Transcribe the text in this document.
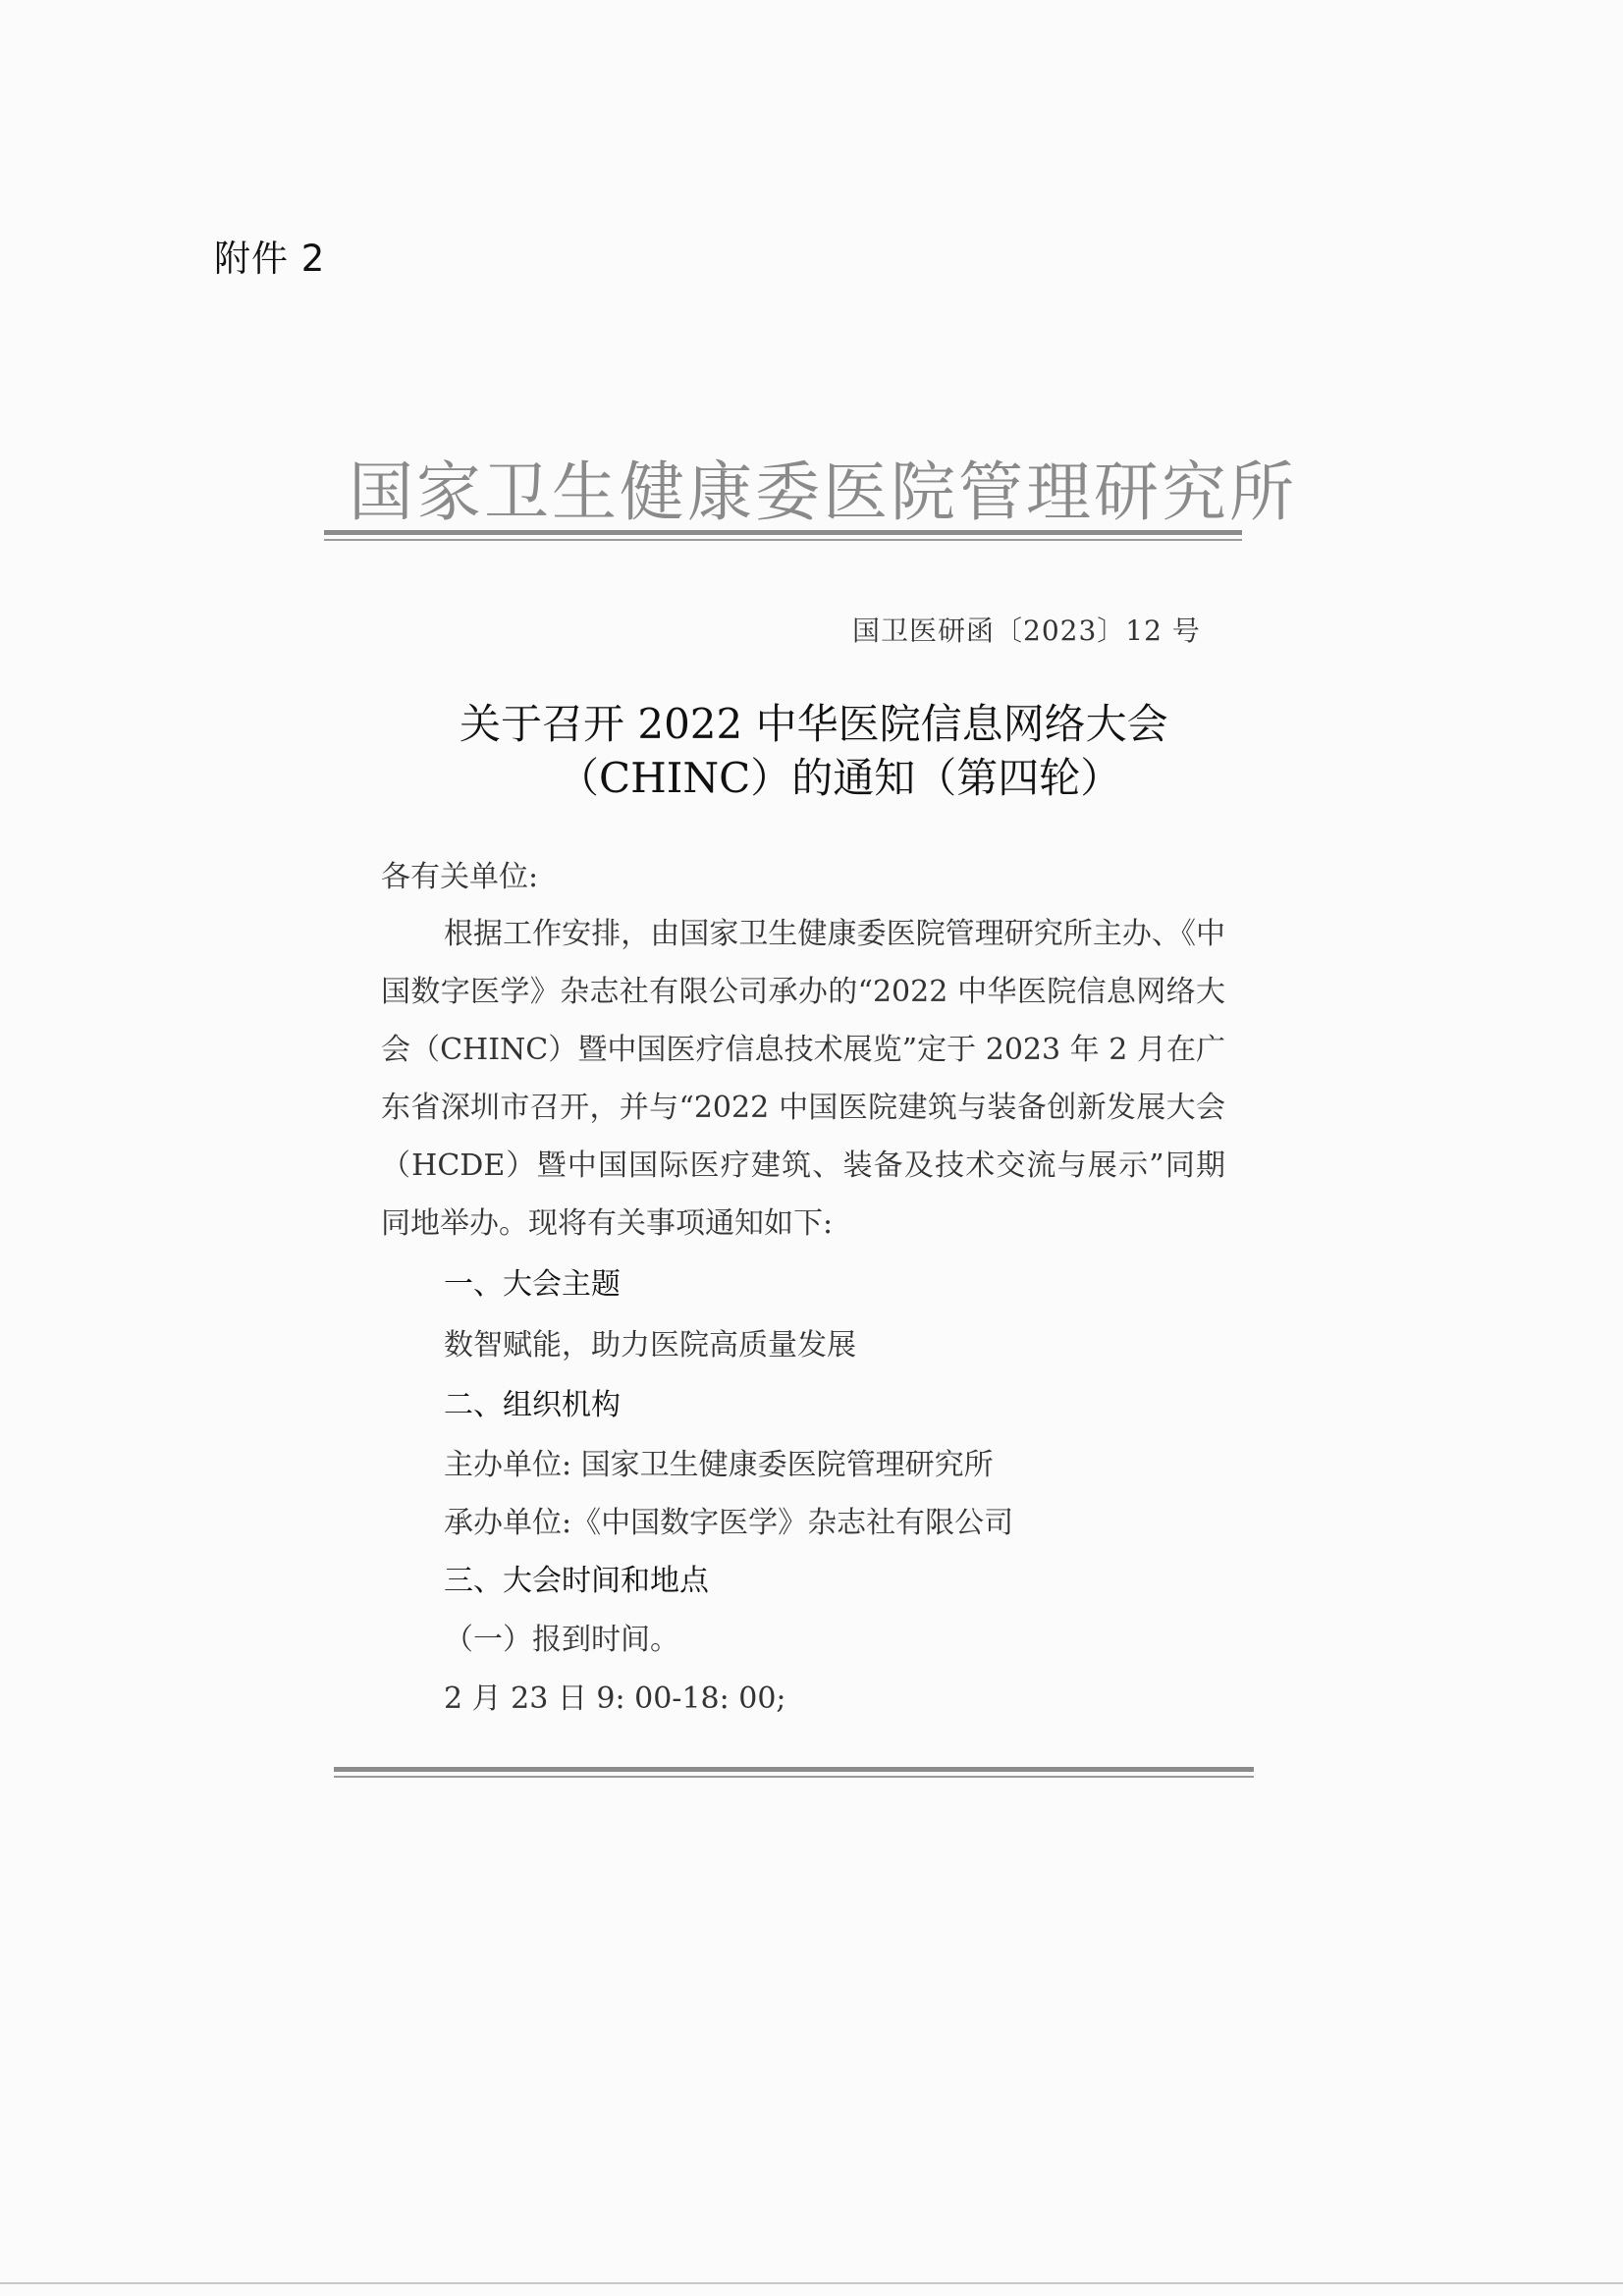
附件 2
国家卫生健康委医院管理研究所
国卫医研函〔2023〕12 号
关于召开 2022 中华医院信息网络大会
（CHINC）的通知（第四轮）
各有关单位:
根据工作安排，由国家卫生健康委医院管理研究所主办、《中国数字医学》杂志社有限公司承办的“2022 中华医院信息网络大会（CHINC）暨中国医疗信息技术展览”定于 2023 年 2 月在广东省深圳市召开，并与“2022 中国医院建筑与装备创新发展大会（HCDE）暨中国国际医疗建筑、装备及技术交流与展示”同期同地举办。现将有关事项通知如下:
一、大会主题
数智赋能，助力医院高质量发展
二、组织机构
主办单位: 国家卫生健康委医院管理研究所
承办单位:《中国数字医学》杂志社有限公司
三、大会时间和地点
（一）报到时间。
2 月 23 日 9: 00-18: 00;
